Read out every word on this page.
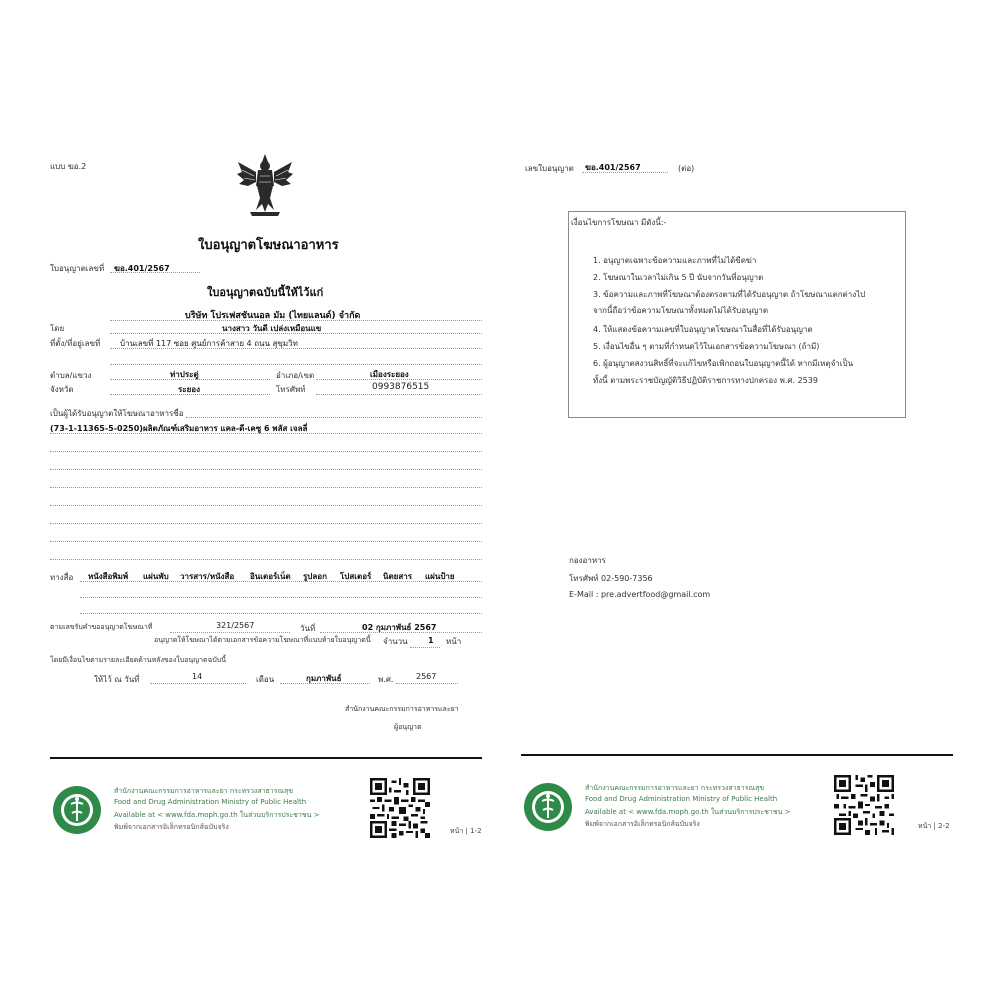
แบบ ฆอ.2
ใบอนุญาตโฆษณาอาหาร
ใบอนุญาตเลขที่ ฆอ.401/2567
ใบอนุญาตฉบับนี้ให้ไว้แก่
บริษัท โปรเฟสชันนอล มัม (ไทยแลนด์) จำกัด
โดย	นางสาว วันดี เปล่งเหมือนแข
ที่ตั้ง/ที่อยู่เลขที่ บ้านเลขที่ 117 ซอย ศูนย์การค้าสาย 4 ถนน สุขุมวิท
ตำบล/แขวง	ท่าประดู่	อำเภอ/เขต	เมืองระยอง
จังหวัด	ระยอง	โทรศัพท์	0993876515
เป็นผู้ได้รับอนุญาตให้โฆษณาอาหารชื่อ
(73-1-11365-5-0250)ผลิตภัณฑ์เสริมอาหาร แคล-ดี-เคซู 6 พลัส เจลลี่
ทางสื่อ หนังสือพิมพ์ แผ่นพับ วารสาร/หนังสือ อินเตอร์เน็ต รูปลอก โปสเตอร์ นิตยสาร แผ่นป้าย
ตามเลขรับคำขออนุญาตโฆษณาที่	321/2567	วันที่	02 กุมภาพันธ์ 2567
อนุญาตให้โฆษณาได้ตามเอกสารข้อความโฆษณาที่แนบท้ายใบอนุญาตนี้ จำนวน	1 หน้า
โดยมีเงื่อนไขตามรายละเอียดด้านหลังของใบอนุญาตฉบับนี้
ให้ไว้ ณ วันที่	14	เดือน	กุมภาพันธ์	พ.ศ.	2567
สำนักงานคณะกรรมการอาหารและยา
ผู้อนุญาต
สำนักงานคณะกรรมการอาหารและยา กระทรวงสาธารณสุข
Food and Drug Administration Ministry of Public Health
Available at < www.fda.moph.go.th ในส่วนบริการประชาชน >
พิมพ์จากเอกสารอิเล็กทรอนิกส์ฉบับจริง	หน้า | 1-2
เลขใบอนุญาต ฆอ.401/2567	(ต่อ)
เงื่อนไขการโฆษณา มีดังนี้:-
1. อนุญาตเฉพาะข้อความและภาพที่ไม่ได้ขีดฆ่า
2. โฆษณาในเวลาไม่เกิน 5 ปี นับจากวันที่อนุญาต
3. ข้อความและภาพที่โฆษณาต้องตรงตามที่ได้รับอนุญาต ถ้าโฆษณาแตกต่างไป
จากนี้ถือว่าข้อความโฆษณาทั้งหมดไม่ได้รับอนุญาต
4. ให้แสดงข้อความเลขที่ใบอนุญาตโฆษณาในสื่อที่ได้รับอนุญาต
5. เงื่อนไขอื่น ๆ ตามที่กำหนดไว้ในเอกสารข้อความโฆษณา (ถ้ามี)
6. ผู้อนุญาตสงวนสิทธิ์ที่จะแก้ไขหรือเพิกถอนใบอนุญาตนี้ได้ หากมีเหตุจำเป็น
ทั้งนี้ ตามพระราชบัญญัติวิธีปฏิบัติราชการทางปกครอง พ.ศ. 2539
กองอาหาร
โทรศัพท์ 02-590-7356
E-Mail : pre.advertfood@gmail.com
สำนักงานคณะกรรมการอาหารและยา กระทรวงสาธารณสุข
Food and Drug Administration Ministry of Public Health
Available at < www.fda.moph.go.th ในส่วนบริการประชาชน >
พิมพ์จากเอกสารอิเล็กทรอนิกส์ฉบับจริง	หน้า | 2-2
